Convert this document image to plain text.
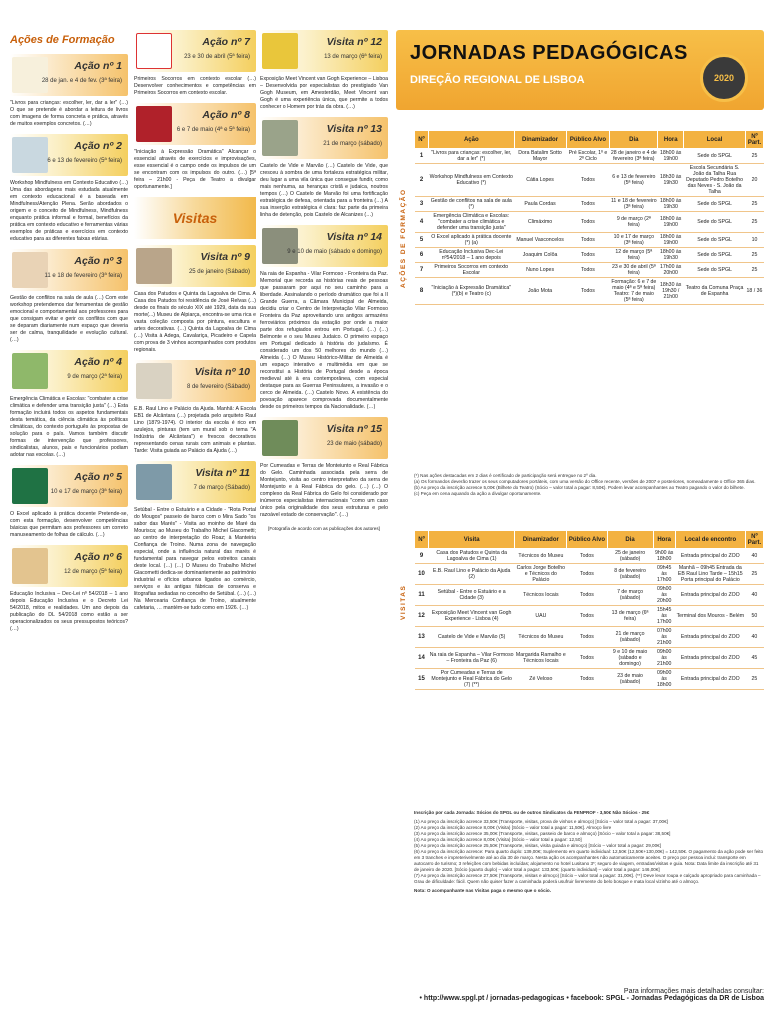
Ações de Formação
Ação nº 1
28 de jan. e 4 de fev. (3ª feira)
"Livros para crianças: escolher, ler, dar a ler" (…) O que se pretende é abordar a leitura de livros com imagens de forma concreta e prática, através de muitos exemplos concretos. (…)
Ação nº 2
6 e 13 de fevereiro (5ª feira)
Workshop Mindfulness em Contexto Educativo (…) Uma das abordagens mais estudada atualmente em contexto educacional é a baseada em Mindfulness/Atenção Plena. Serão abordados o origem e o conceito de Mindfulness, Mindfulness enquanto prática informal e formal, benefícios da prática em contexto educativo e ferramentas várias exemplos de práticas e exercícios em contexto educativo para as diferentes faixas etárias.
Ação nº 3
11 e 18 de fevereiro (3ª feira)
Gestão de conflitos na sala de aula (…) Com este workshop pretendemos dar ferramentas de gestão emocional e comportamental aos professores para que consigam evitar e gerir os conflitos com que se deparam diariamente num espaço que deveria ser de calma, tranquilidade e evolução cultural. (…)
Ação nº 4
9 de março (2ª feira)
Emergência Climática e Escolas: "combater a crise climática e defender uma transição justa" (…) Esta formação incluirá todos os aspetos fundamentais desta temática, da ciência climática às políticas climáticas, do contexto português às propostas de solução para o país. Vamos também discutir formas de intervenção que professores, sindicalistas, alunos, pais e funcionários podiam adotar nas escolas. (…)
Ação nº 5
10 e 17 de março (3ª feira)
O Excel aplicado à prática docente Pretende-se, com esta formação, desenvolver competências básicas que permitam aos professores um correto manuseamento de folhas de cálculo. (…)
Ação nº 6
12 de março (5ª feira)
Educação Inclusiva – Dec-Lei nº 54/2018 – 1 ano depois Educação Inclusiva e o Decreto Lei 54/2018, mitos e realidades. Um ano depois da publicação do DL 54/2018 como estão a ser operacionalizados os seus pressupostos teóricos? (…)
Ação nº 7
23 e 30 de abril (5ª feira)
Primeiros Socorros em contexto escolar (…) Desenvolver conhecimentos e competências em Primeiros Socorros em contexto escolar.
Ação nº 8
6 e 7 de maio (4ª e 5ª feira)
"Iniciação à Expressão Dramática" Alcançar o essencial através de exercícios e improvisações, esse essencial é o campo onde os impulsos de um se encontram com os impulsos do outro. (…) [5ª feira – 21h00 - Peça de Teatro a divulgar oportunamente.]
Visitas
Visita nº 9
25 de janeiro (Sábado)
Casa dos Patudos e Quinta da Lagoalva de Cima. A Casa dos Patudos foi residência de José Relvas (...) desde os finais do século XIX até 1929, data da sua morte(...) Museu de Alpiarça, encontra-se uma rica e vasta coleção composta por pintura, escultura e artes decorativas. (…) Quinta da Lagoalva de Cima (…) Visita à Adega, Cavalariça, Picadeiro e Capela com prova de 3 vinhos acompanhados com produtos regionais.
Visita nº 10
8 de fevereiro (Sábado)
E.B. Raul Lino e Palácio da Ajuda. Manhã: A Escola EB1 de Alcântara (…) projetada pelo arquiteto Raul Lino (1879-1974). O interior da escola é rico em azulejos, pinturas (tem um mural sob o tema "A Indústria de Alcântara") e frescos decorativos representando cenas rurais com animais e plantas. Tarde: Visita guiada ao Palácio da Ajuda (…)
Visita nº 11
7 de março (Sábado)
Setúbal - Entre o Estuário e a Cidade - "Rota Portal do Mougos" passeio de barco com o Mira Sado "os sabor das Marés" - Visita ao moinho de Maré da Mourisca; ao Museu do Trabalho Michel Giacometti; ao centro de interpretação do Roaz; à Manteiria Confiança de Troino. Numa zona de navegação especial, onde a influência natural das marés é fundamental para navegar pelos estreitos canais deste local. (…) (…) O Museu do Trabalho Michel Giacometti dedica-se dominantemente ao património industrial e ofícios urbanos ligados ao comércio, serviços e às antigas fábricas de conserva e litografias sediadas no concelho de Setúbal. (…) (…) Na Mercearia Confiança de Troino, atualmente cafetaria, … mantém-se tudo como em 1926. (…)
Visita nº 12
13 de março (6ª feira)
Exposição Meet Vincent van Gogh Experience – Lisboa – Desenvolvida por especialistas do prestigiado Van Gogh Museum, em Amesterdão, Meet Vincent van Gogh é uma experiência única, que permite a todos conhecer o Homem por trás da obra. (…)
Visita nº 13
21 de março (sábado)
Castelo de Vide e Marvão (…) Castelo de Vide, que cresceu à sombra de uma fortaleza estratégica militar, deu lugar a uma vila única que consegue fundir, como mais nenhuma, as heranças cristã e judaica, noutros tempos (…) O Castelo de Marvão foi uma fortificação estratégica de defesa, orientada para a fronteira (…) A sua inserção estratégica é clara: faz parte da primeira linha de detenção, pois Castelo de Alcanizes (…)
Visita nº 14
9 e 10 de maio (sábado e domingo)
Na raia de Espanha - Vilar Formoso - Fronteira da Paz. Memorial que recorda as histórias reais de pessoas que passaram por aqui no seu caminho para a liberdade. Assinalando o período dramático que foi a II Grande Guerra, a Câmara Municipal de Almeida, decidiu criar o Centro de Interpretação Vilar Formoso Fronteira da Paz aproveitando uns antigos armazéns ferroviários próximos da estação por onde a maior parte dos refugiados entrou em Portugal. (…) (…) Belmonte e o seu Museu Judaico. O primeiro espaço em Portugal dedicado à história do judaísmo. É considerado um dos 50 melhores do mundo (…) Almeida (…) O Museu Histórico-Militar de Almeida é um espaço interativo e multimédia em que se reconstitui a História de Portugal desde a época medieval até à era contemporânea, com especial destaque para as Guerras Peninsulares, a invasão e o cerco de Almeida. (…) Castelo Novo. A existência do povoação aparece comprovada documentalmente desde os primeiros tempos da Nacionalidade. (…)
Visita nº 15
23 de maio (sábado)
Por Cumeadas e Terras de Monteiunto e Real Fábrica do Gelo. Caminhada associada pela serra de Montejunto, visita ao centro interpretativo da serra de Montejunto e à Real Fábrica do gelo. (…) (…) O complexo da Real Fábrica do Gelo foi considerado por inúmeros especialistas internacionais "como um caso único pela originalidade dos seus estruturas e pelo razoável estado de conservação". (…)
[Fotografia de acordo com as publicações dos autores]
JORNADAS PEDAGÓGICAS
DIREÇÃO REGIONAL DE LISBOA	2020
AÇÕES DE FORMAÇÃO
VISITAS
Nº	Ação	Dinamizador	Público Alvo	Dia	Hora	Local	Nº Part.
1	"Livros para crianças: escolher, ler, dar a ler" (*)	Dora Batalim Sotto Mayor	Pré Escolar, 1º e 2º Ciclo	28 de janeiro e 4 de fevereiro (3ª feira)	18h00 às 19h00	Sede do SPGL	25
2	Workshop Mindfulness em Contexto Educativo (*)	Cátia Lopes	Todos	6 e 13 de fevereiro (5ª feira)	18h30 às 19h30	Escola Secundária S. João da Talha Rua Deputado Pedro Botelho das Neves - S. João da Talha	20
3	Gestão de conflitos na sala de aula (*)	Paula Cordas	Todos	11 e 18 de fevereiro (3ª feira)	18h00 às 19h30	Sede do SPGL	25
4	Emergência Climática e Escolas: "combater a crise climática e defender uma transição justa"	Climáximo	Todos	9 de março (2ª feira)	18h00 às 19h00	Sede do SPGL	25
5	O Excel aplicado à prática docente (*) (a)	Manuel Vasconcelos	Todos	10 e 17 de março (3ª feira)	18h00 às 19h00	Sede do SPGL	10
6	Educação Inclusiva Dec-Lei nº54/2018 – 1 ano depois	Joaquim Colôa	Todos	12 de março (5ª feira)	18h00 às 19h30	Sede do SPGL	25
7	Primeiros Socorros em contexto Escolar	Nuno Lopes	Todos	23 e 30 de abril (5ª feira)	17h00 às 20h00	Sede do SPGL	25
8	"Iniciação à Expressão Dramática" (*)(b) e Teatro (c)	João Mota	Todos	Formação: 6 e 7 de maio (4ª e 5ª feira) Teatro: 7 de maio (5ª feira)	18h30 às 19h30 / 21h00	Teatro da Comuna Praça de Espanha	18 / 36
(*) Nas ações destacadas em 2 dias é certificado de participação será entregue no 2º dia.
(a) Os formandos deverão trazer os seus computadores portáteis, com uma versão do Office recente, versões de 2007 e posteriores, nomeadamente o Office 365 dias.
(b) Ao preço da inscrição acresce 5,00€ (Bilhete do Teatro) (Sócio – valor total a pagar: 8,50€). Podem levar acompanhantes ao Teatro pagando o valor do bilhete.
(c) Peça em cena aquando da ação a divulgar oportunamente.
Nº	Visita	Dinamizador	Público Alvo	Dia	Hora	Local de encontro	Nº Part.
9	Casa dos Patudos e Quinta da Lagoalva de Cima (1)	Técnicos do Museu	Todos	25 de janeiro (sábado)	9h00 às 18h00	Entrada principal do ZOO	40
10	E.B. Raul Lino e Palácio da Ajuda (2)	Carlos Jorge Botelho e Técnicos do Palácio	Todos	8 de fevereiro (sábado)	09h45 às 17h00	Manhã – 09h45 Entrada da EB Raul Lino Tarde – 15h15 Porta principal do Palácio	25
11	Setúbal - Entre o Estuário e a Cidade (3)	Técnicos locais	Todos	7 de março (sábado)	09h00 às 20h00	Entrada principal do ZOO	40
12	Exposição Meet Vincent van Gogh Experience - Lisboa (4)	UAU	Todos	13 de março (6ª feira)	15h45 às 17h00	Terminal dos Mouros - Belém	50
13	Castelo de Vide e Marvão (5)	Técnicos do Museu	Todos	21 de março (sábado)	07h00 às 21h00	Entrada principal do ZOO	40
14	Na raia de Espanha – Vilar Formoso – Fronteira da Paz (6)	Margarida Ramalho e Técnicos locais	Todos	9 e 10 de maio (sábado e domingo)	09h00 às 21h00	Entrada principal do ZOO	45
15	Por Cumeadas e Terras de Montejunto e Real Fábrica do Gelo (7) (**)	Zé Veloso	Todos	23 de maio (sábado)	09h00 às 18h00	Entrada principal do ZOO	25
Inscrição por cada Jornada: Sócios do SPGL ou de outros Sindicatos da FENPROF - 3,50€ Não Sócios - 25€
(1) Ao preço da inscrição acresce 33,50€ (Transporte, visitas, prova de vinhos e almoço) [Sócio – valor total a pagar: 37,00€]
(2) Ao preço da inscrição acresce 8,00€ (Visita) [Sócio – valor total a pagar: 11,50€]. Almoço livre
(3) Ao preço da inscrição acresce 35,00€ (Transporte, visitas, passeio de barco e almoço) [Sócio – valor total a pagar: 38,50€]
(4) Ao preço da inscrição acresce 8,00€ (Visita) [Sócio – valor total a pagar: 12,50]
(5) Ao preço da inscrição acresce 25,50€ (Transporte, visitas, visita guiada e almoço) [Sócio – valor total a pagar: 29,00€]
(6) Ao preço da inscrição acresce: Para quarto duplo: 139,00€; Suplemento em quarto individual: 12,50€ (12,50€+130,00€) = 142,50€. O pagamento da ação pode ser feito em 3 tranches e impreterivelmente até ao dia 30 de março. Nesta ação os acompanhantes não automaticamente aceites. O preço por pessoa inclui: transporte em autocarro de turismo; 3 refeições com bebidas incluídas; alojamento no hotel Lusitano 3*; seguro de viagem, entradas/visitas e guia. Nota: Data limite da inscrição até 31 de janeiro de 2020. [Sócio (quarto duplo) – valor total a pagar: 133,50€; (quarto individual) – valor total a pagar: 146,00€]
(7) Ao preço da inscrição acresce 27,50€ (Transporte, visitas e almoço) [Sócio – valor total a pagar: 31,00€]. (**) Deve levar roupa e calçado apropriado para caminhada – Grau de dificuldade: fácil. Quem não quiser fazer a caminhada poderá usufruir livremente do belo bosque e mata local vizinho até o almoço.
Nota: O acompanhante nas Visitas paga o mesmo que o sócio.
Para informações mais detalhadas consultar:
• http://www.spgl.pt / jornadas-pedagogicas • facebook: SPGL - Jornadas Pedagógicas da DR de Lisboa
